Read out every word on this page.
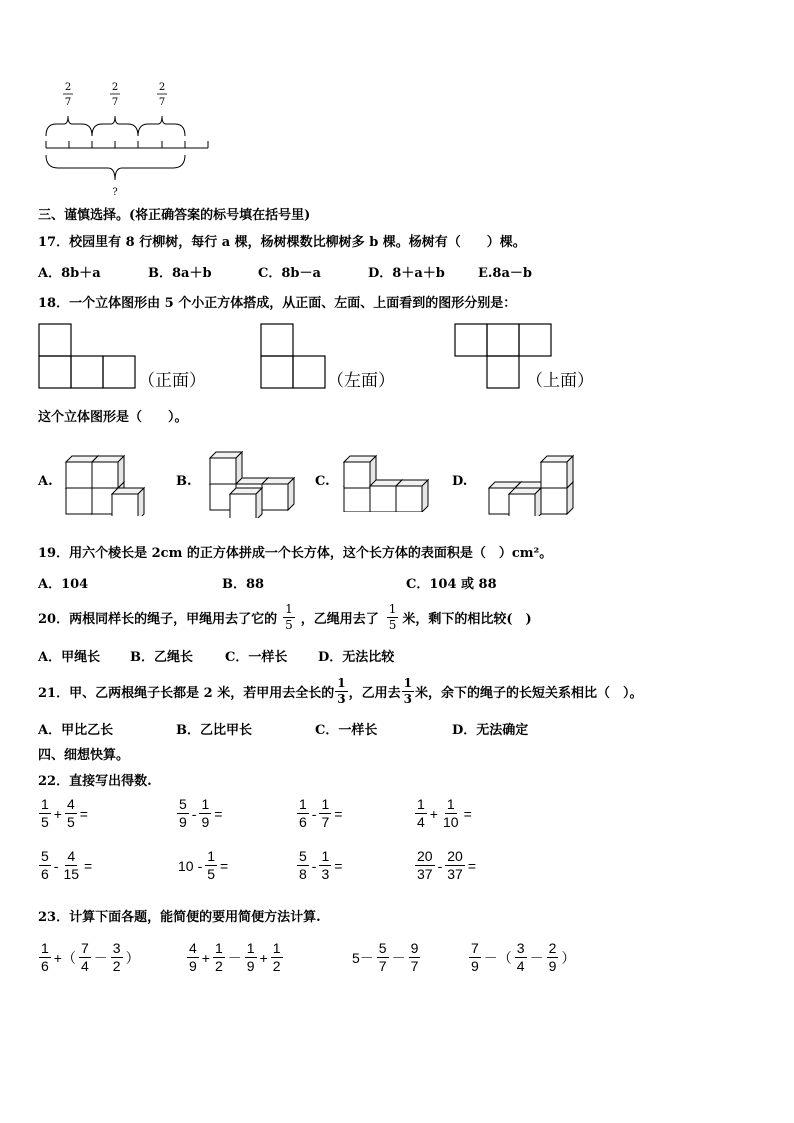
2
7
2
7
2
7
?
三、谨慎选择。(将正确答案的标号填在括号里)
17．校园里有 8 行柳树，每行 a 棵，杨树棵数比柳树多 b 棵。杨树有（　　）棵。
A．8b＋a	B．8a＋b	C．8b－a	D．8＋a＋b	E.8a－b
18．一个立体图形由 5 个小正方体搭成，从正面、左面、上面看到的图形分别是：
（正面）	（左面）	（上面）
这个立体图形是（　　）。
A.	B.	C.	D.
19．用六个棱长是 2cm 的正方体拼成一个长方体，这个长方体的表面积是（　）cm²。
A．104	B．88	C．104 或 88
20．两根同样长的绳子，甲绳用去了它的 $\frac{1}{5}$ ，乙绳用去了 $\frac{1}{5}$ 米，剩下的相比较(　)
A．甲绳长 B．乙绳长 C．一样长 D．无法比较
21．甲、乙两根绳子长都是 2 米，若甲用去全长的 $\frac{1}{3}$ ，乙用去 $\frac{1}{3}$ 米，余下的绳子的长短关系相比（　）。
A．甲比乙长	B．乙比甲长	C．一样长	D．无法确定
四、细想快算。
22．直接写出得数.
23．计算下面各题，能简便的要用简便方法计算.
$\frac{1}{5} + \frac{4}{5}$ =	$\frac{5}{9} - \frac{1}{9}$ =	$\frac{1}{6} - \frac{1}{7}$ =	$\frac{1}{4} + \frac{1}{10}$ =
$\frac{5}{6} - \frac{4}{15}$ =	$10 - \frac{1}{5}$ =	$\frac{5}{8} - \frac{1}{3}$ =	$\frac{20}{37} - \frac{20}{37}$ =
$\frac{1}{6}$ +（ $\frac{7}{4} - \frac{3}{2}$ ）	$\frac{4}{9} + \frac{1}{2} - \frac{1}{9} + \frac{1}{2}$	$5- \frac{5}{7} - \frac{9}{7}$	$\frac{7}{9}$ －（ $\frac{3}{4} - \frac{2}{9}$ ）
